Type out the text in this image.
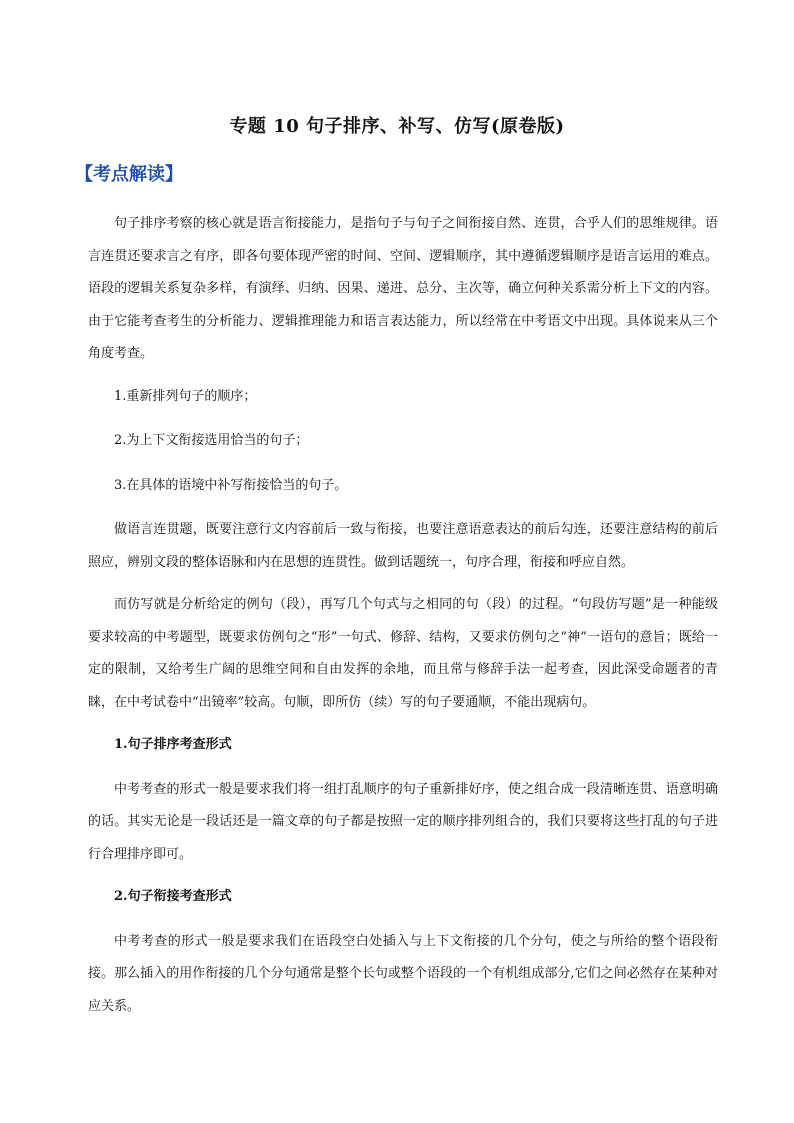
专题 10 句子排序、补写、仿写(原卷版)
【考点解读】

句子排序考察的核心就是语言衔接能力，是指句子与句子之间衔接自然、连贯，合乎人们的思维规律。语言连贯还要求言之有序，即各句要体现严密的时间、空间、逻辑顺序，其中遵循逻辑顺序是语言运用的难点。语段的逻辑关系复杂多样，有演绎、归纳、因果、递进、总分、主次等，确立何种关系需分析上下文的内容。由于它能考查考生的分析能力、逻辑推理能力和语言表达能力，所以经常在中考语文中出现。具体说来从三个角度考查。

1.重新排列句子的顺序；

2.为上下文衔接选用恰当的句子；

3.在具体的语境中补写衔接恰当的句子。

做语言连贯题，既要注意行文内容前后一致与衔接，也要注意语意表达的前后勾连，还要注意结构的前后照应，辨别文段的整体语脉和内在思想的连贯性。做到话题统一，句序合理，衔接和呼应自然。

而仿写就是分析给定的例句（段），再写几个句式与之相同的句（段）的过程。“句段仿写题”是一种能级要求较高的中考题型，既要求仿例句之“形”一句式、修辞、结构，又要求仿例句之“神”一语句的意旨；既给一定的限制，又给考生广阔的思维空间和自由发挥的余地，而且常与修辞手法一起考查，因此深受命题者的青睐，在中考试卷中“出镜率”较高。句顺，即所仿（续）写的句子要通顺，不能出现病句。

1.句子排序考查形式

中考考查的形式一般是要求我们将一组打乱顺序的句子重新排好序，使之组合成一段清晰连贯、语意明确的话。其实无论是一段话还是一篇文章的句子都是按照一定的顺序排列组合的，我们只要将这些打乱的句子进行合理排序即可。

2.句子衔接考查形式

中考考查的形式一般是要求我们在语段空白处插入与上下文衔接的几个分句，使之与所给的整个语段衔接。那么插入的用作衔接的几个分句通常是整个长句或整个语段的一个有机组成部分,它们之间必然存在某种对应关系。
